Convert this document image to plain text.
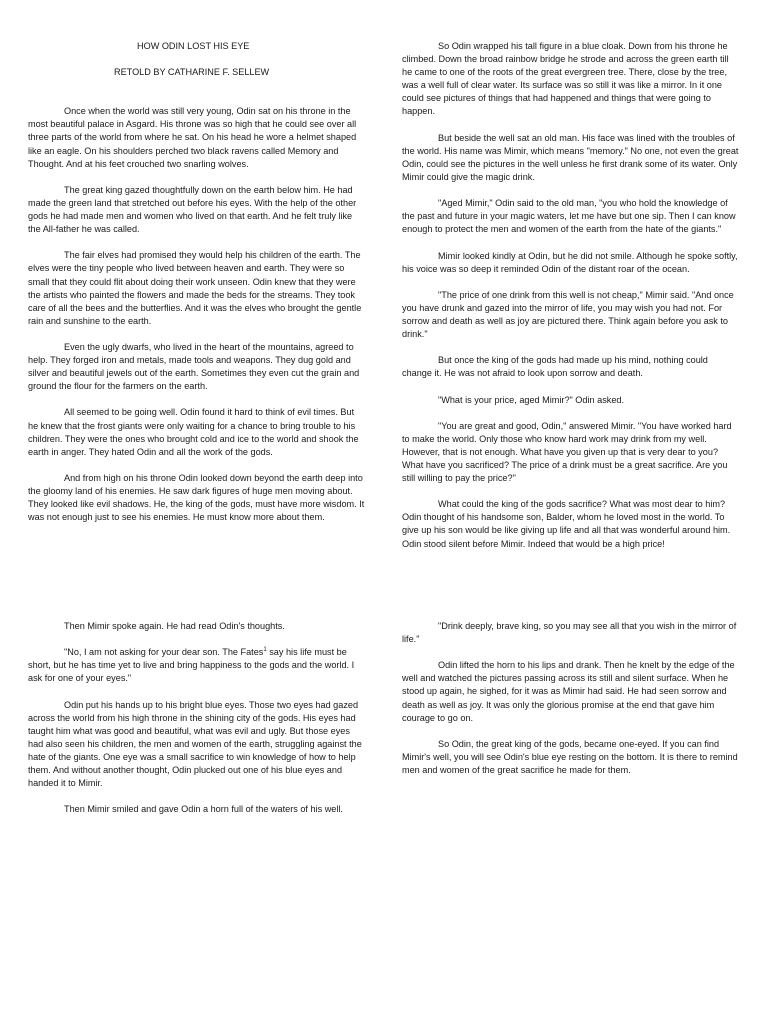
HOW ODIN LOST HIS EYE

RETOLD BY CATHARINE F. SELLEW

Once when the world was still very young, Odin sat on his throne in the most beautiful palace in Asgard. His throne was so high that he could see over all three parts of the world from where he sat. On his head he wore a helmet shaped like an eagle. On his shoulders perched two black ravens called Memory and Thought. And at his feet crouched two snarling wolves.

The great king gazed thoughtfully down on the earth below him. He had made the green land that stretched out before his eyes. With the help of the other gods he had made men and women who lived on that earth. And he felt truly like the All-father he was called.

The fair elves had promised they would help his children of the earth. The elves were the tiny people who lived between heaven and earth. They were so small that they could flit about doing their work unseen. Odin knew that they were the artists who painted the flowers and made the beds for the streams. They took care of all the bees and the butterflies. And it was the elves who brought the gentle rain and sunshine to the earth.

Even the ugly dwarfs, who lived in the heart of the mountains, agreed to help. They forged iron and metals, made tools and weapons. They dug gold and silver and beautiful jewels out of the earth. Sometimes they even cut the grain and ground the flour for the farmers on the earth.

All seemed to be going well. Odin found it hard to think of evil times. But he knew that the frost giants were only waiting for a chance to bring trouble to his children. They were the ones who brought cold and ice to the world and shook the earth in anger. They hated Odin and all the work of the gods.

And from high on his throne Odin looked down beyond the earth deep into the gloomy land of his enemies. He saw dark figures of huge men moving about. They looked like evil shadows. He, the king of the gods, must have more wisdom. It was not enough just to see his enemies. He must know more about them.

So Odin wrapped his tall figure in a blue cloak. Down from his throne he climbed. Down the broad rainbow bridge he strode and across the green earth till he came to one of the roots of the great evergreen tree. There, close by the tree, was a well full of clear water. Its surface was so still it was like a mirror. In it one could see pictures of things that had happened and things that were going to happen.

But beside the well sat an old man. His face was lined with the troubles of the world. His name was Mimir, which means "memory." No one, not even the great Odin, could see the pictures in the well unless he first drank some of its water. Only Mimir could give the magic drink.

"Aged Mimir," Odin said to the old man, "you who hold the knowledge of the past and future in your magic waters, let me have but one sip. Then I can know enough to protect the men and women of the earth from the hate of the giants."

Mimir looked kindly at Odin, but he did not smile. Although he spoke softly, his voice was so deep it reminded Odin of the distant roar of the ocean.

"The price of one drink from this well is not cheap," Mimir said. "And once you have drunk and gazed into the mirror of life, you may wish you had not. For sorrow and death as well as joy are pictured there. Think again before you ask to drink."

But once the king of the gods had made up his mind, nothing could change it. He was not afraid to look upon sorrow and death.

"What is your price, aged Mimir?" Odin asked.

"You are great and good, Odin," answered Mimir. "You have worked hard to make the world. Only those who know hard work may drink from my well. However, that is not enough. What have you given up that is very dear to you? What have you sacrificed? The price of a drink must be a great sacrifice. Are you still willing to pay the price?"

What could the king of the gods sacrifice? What was most dear to him? Odin thought of his handsome son, Balder, whom he loved most in the world. To give up his son would be like giving up life and all that was wonderful around him. Odin stood silent before Mimir. Indeed that would be a high price!

Then Mimir spoke again. He had read Odin's thoughts.

"No, I am not asking for your dear son. The Fates$^1$ say his life must be short, but he has time yet to live and bring happiness to the gods and the world. I ask for one of your eyes."

Odin put his hands up to his bright blue eyes. Those two eyes had gazed across the world from his high throne in the shining city of the gods. His eyes had taught him what was good and beautiful, what was evil and ugly. But those eyes had also seen his children, the men and women of the earth, struggling against the hate of the giants. One eye was a small sacrifice to win knowledge of how to help them. And without another thought, Odin plucked out one of his blue eyes and handed it to Mimir.

Then Mimir smiled and gave Odin a horn full of the waters of his well.

"Drink deeply, brave king, so you may see all that you wish in the mirror of life."

Odin lifted the horn to his lips and drank. Then he knelt by the edge of the well and watched the pictures passing across its still and silent surface. When he stood up again, he sighed, for it was as Mimir had said. He had seen sorrow and death as well as joy. It was only the glorious promise at the end that gave him courage to go on.

So Odin, the great king of the gods, became one-eyed. If you can find Mimir's well, you will see Odin's blue eye resting on the bottom. It is there to remind men and women of the great sacrifice he made for them.
